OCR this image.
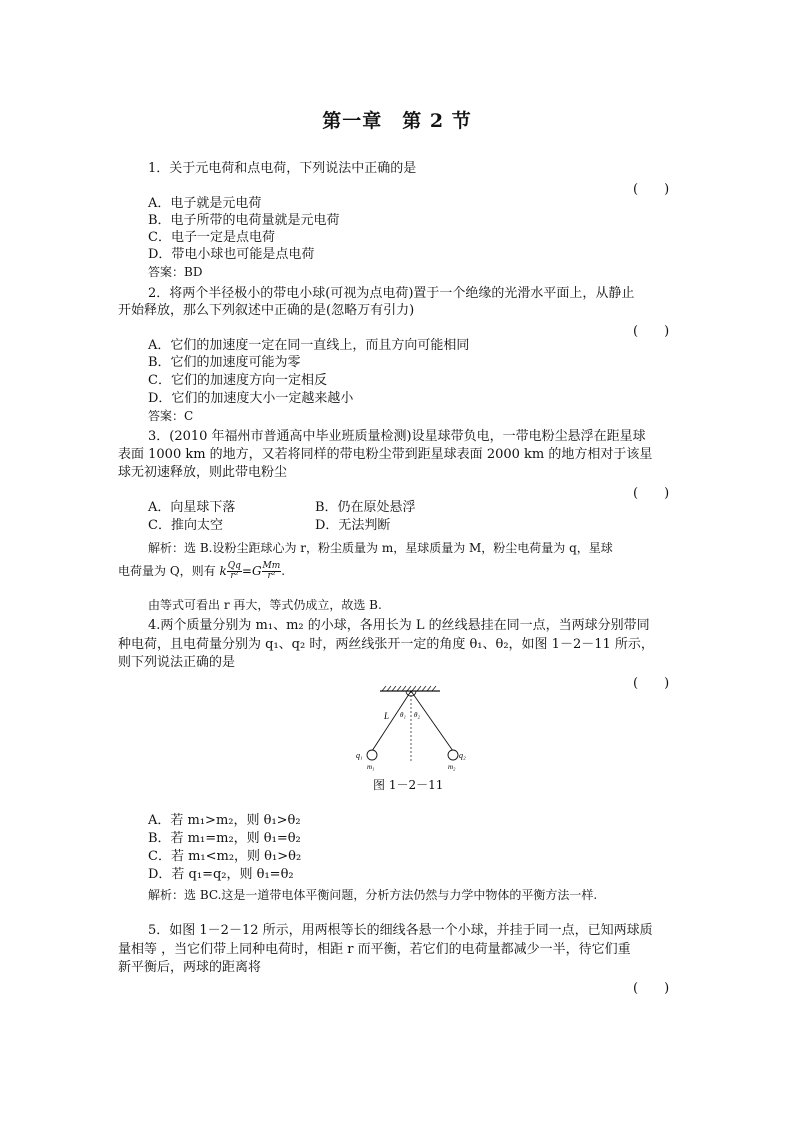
第一章　第 2 节
1．关于元电荷和点电荷，下列说法中正确的是
(　　)
A．电子就是元电荷
B．电子所带的电荷量就是元电荷
C．电子一定是点电荷
D．带电小球也可能是点电荷
答案：BD
2．将两个半径极小的带电小球(可视为点电荷)置于一个绝缘的光滑水平面上，从静止
开始释放，那么下列叙述中正确的是(忽略万有引力)
(　　)
A．它们的加速度一定在同一直线上，而且方向可能相同
B．它们的加速度可能为零
C．它们的加速度方向一定相反
D．它们的加速度大小一定越来越小
答案：C
3．(2010 年福州市普通高中毕业班质量检测)设星球带负电，一带电粉尘悬浮在距星球
表面 1000 km 的地方，又若将同样的带电粉尘带到距星球表面 2000 km 的地方相对于该星
球无初速释放，则此带电粉尘
(　　)
A．向星球下落	B．仍在原处悬浮
C．推向太空	D．无法判断
解析：选 B.设粉尘距球心为 r，粉尘质量为 m，星球质量为 M，粉尘电荷量为 q，星球
电荷量为 Q，则有 k $\frac{Qq}{\text{r²}} =G \frac{Mm}{\text{r²}}$ .
由等式可看出 r 再大，等式仍成立，故选 B.
4.两个质量分别为 m₁、m₂ 的小球，各用长为 L 的丝线悬挂在同一点，当两球分别带同
种电荷，且电荷量分别为 q₁、q₂ 时，两丝线张开一定的角度 θ₁、θ₂，如图 1－2－11 所示，
则下列说法正确的是
(　　)
L θ₁ θ₂
q₁	q₂
m₁	m₂
图 1－2－11
A．若 m₁>m₂，则 θ₁>θ₂
B．若 m₁=m₂，则 θ₁=θ₂
C．若 m₁<m₂，则 θ₁>θ₂
D．若 q₁=q₂，则 θ₁=θ₂
解析：选 BC.这是一道带电体平衡问题，分析方法仍然与力学中物体的平衡方法一样.
5．如图 1－2－12 所示，用两根等长的细线各悬一个小球，并挂于同一点，已知两球质
量相等 ，当它们带上同种电荷时，相距 r 而平衡，若它们的电荷量都减少一半，待它们重
新平衡后，两球的距离将
(　　)
